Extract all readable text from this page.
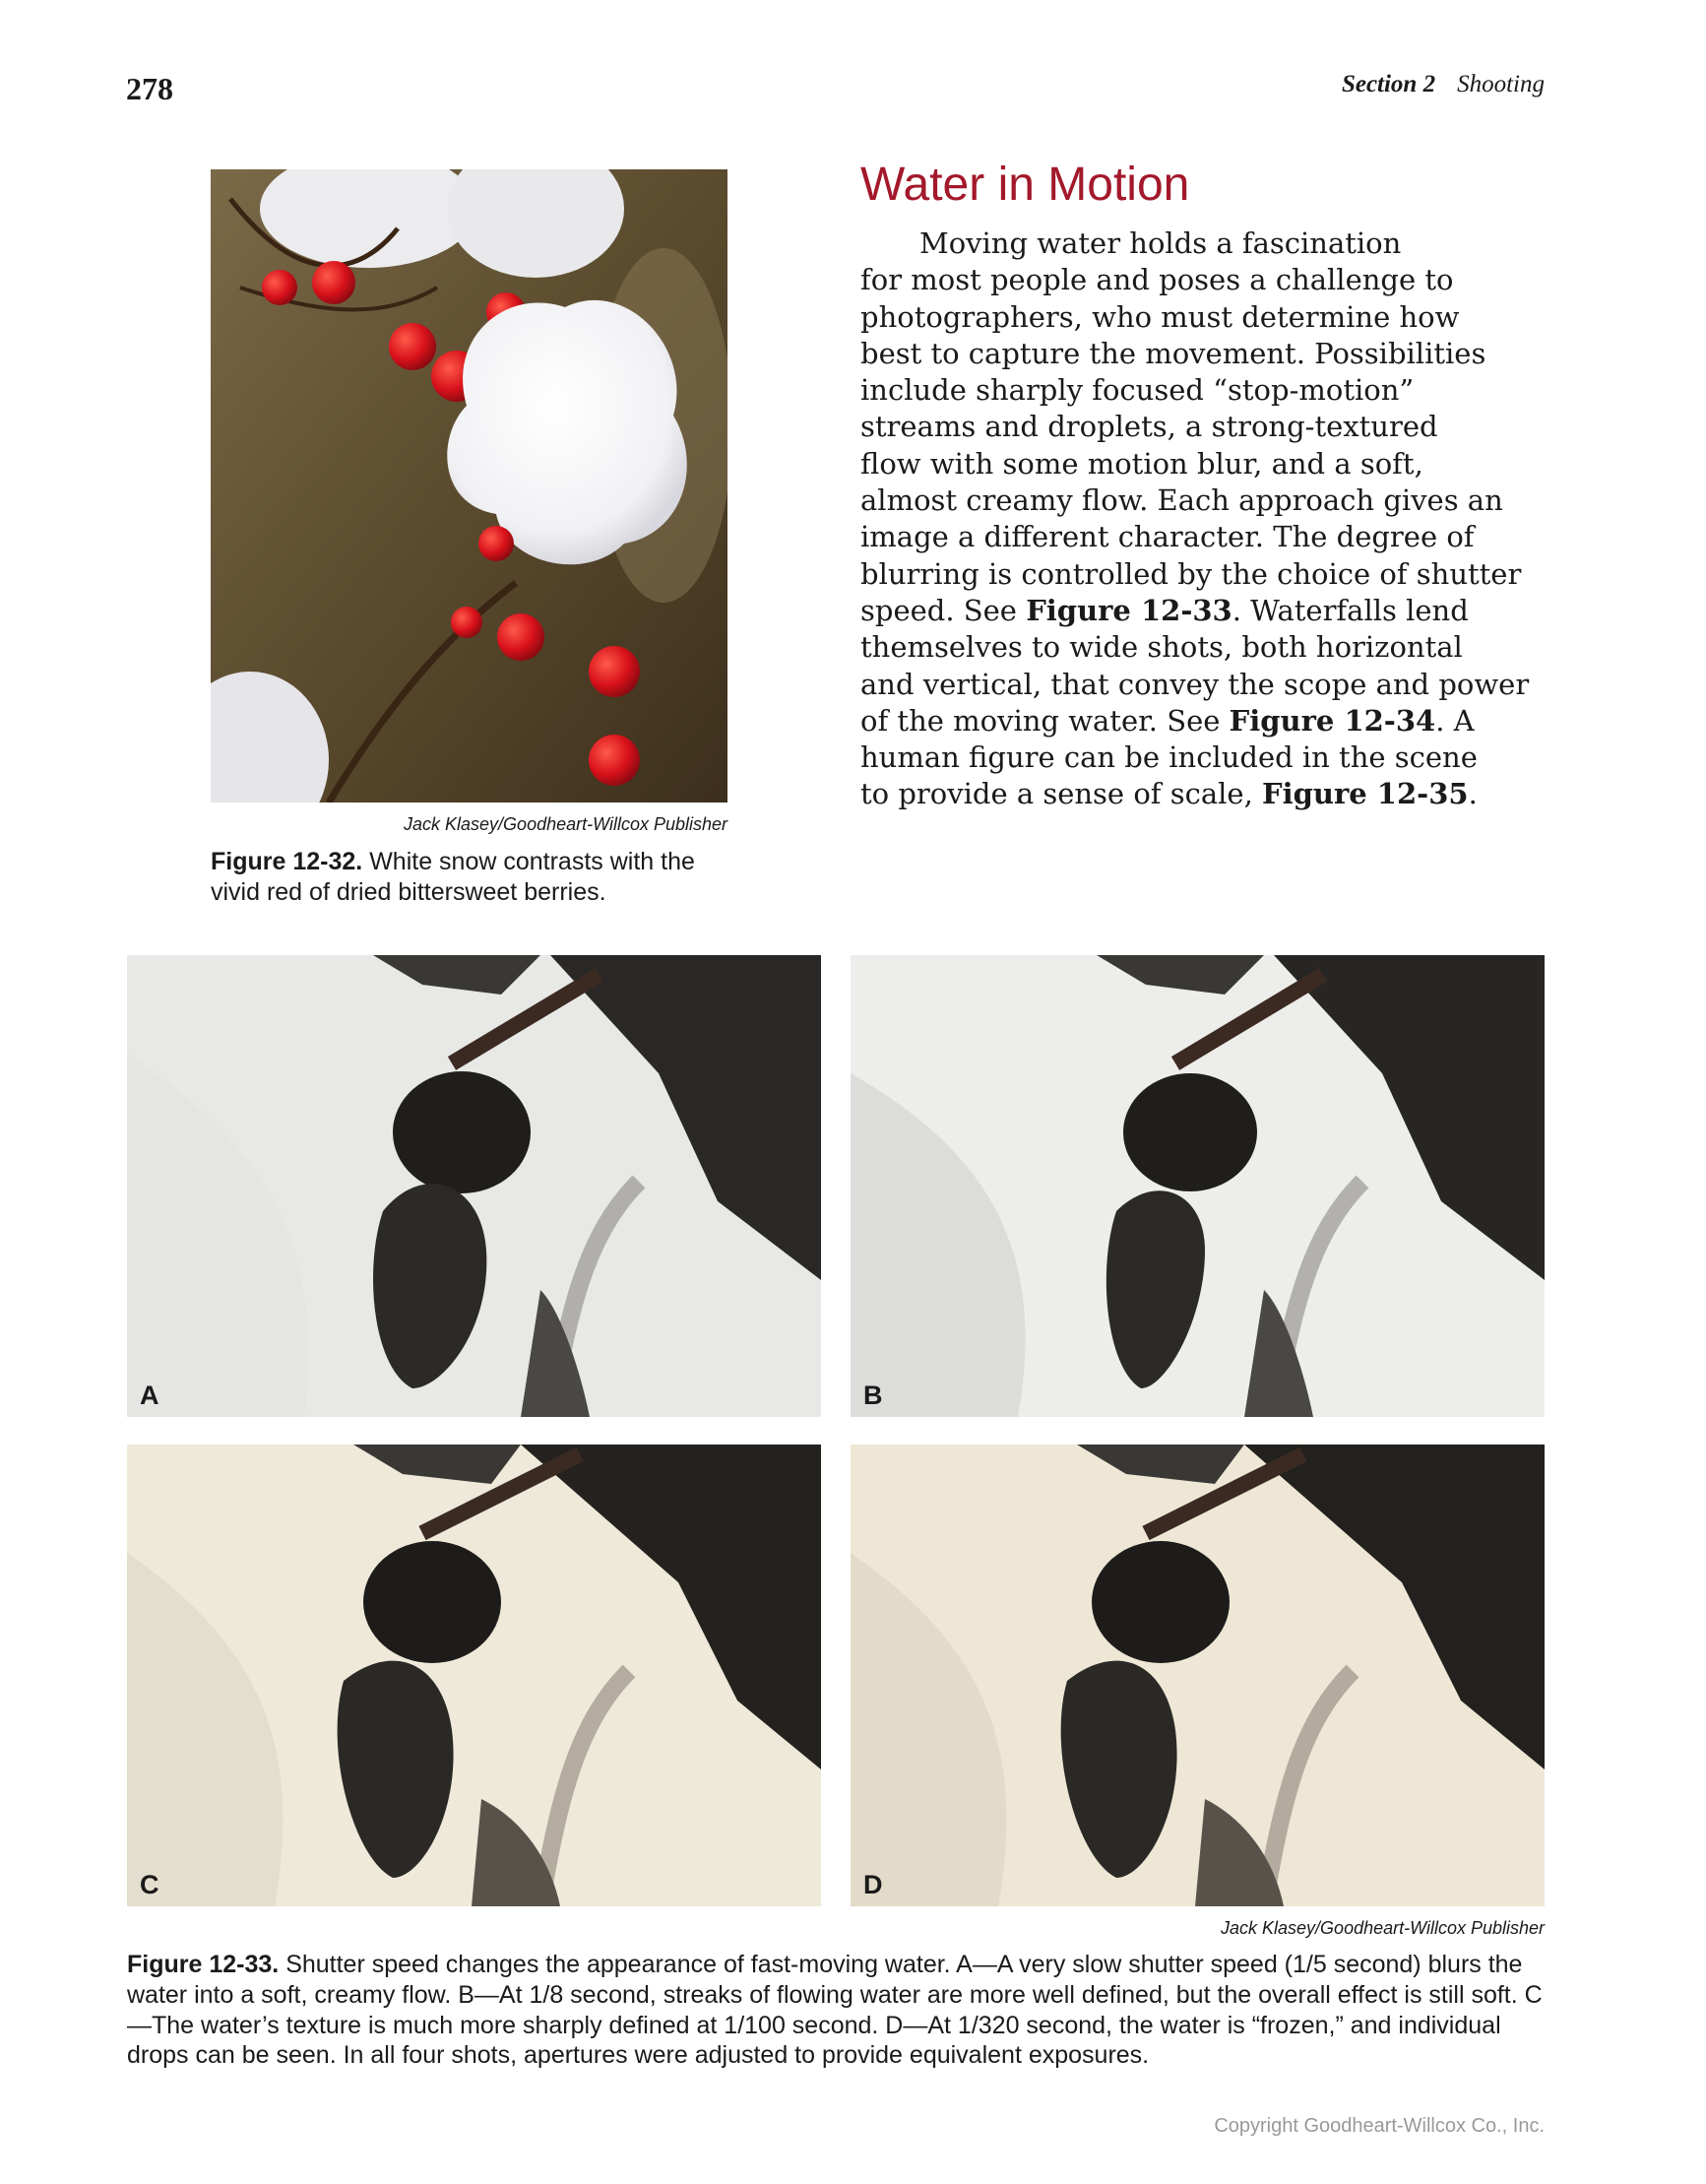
278	Section 2 Shooting
Jack Klasey/Goodheart-Willcox Publisher
Figure 12-32. White snow contrasts with the vivid red of dried bittersweet berries.
Water in Motion

Moving water holds a fascination
for most people and poses a challenge to
photographers, who must determine how
best to capture the movement. Possibilities
include sharply focused “stop-motion”
streams and droplets, a strong-textured
flow with some motion blur, and a soft,
almost creamy flow. Each approach gives an
image a different character. The degree of
blurring is controlled by the choice of shutter
speed. See Figure 12-33. Waterfalls lend
themselves to wide shots, both horizontal
and vertical, that convey the scope and power
of the moving water. See Figure 12-34. A
human figure can be included in the scene
to provide a sense of scale, Figure 12-35.

A	B
C	D
Jack Klasey/Goodheart-Willcox Publisher
Figure 12-33. Shutter speed changes the appearance of fast-moving water. A—A very slow shutter speed (1/5 second) blurs the water into a soft, creamy flow. B—At 1/8 second, streaks of flowing water are more well defined, but the overall effect is still soft. C—The water’s texture is much more sharply defined at 1/100 second. D—At 1/320 second, the water is “frozen,” and individual drops can be seen. In all four shots, apertures were adjusted to provide equivalent exposures.
Copyright Goodheart-Willcox Co., Inc.
